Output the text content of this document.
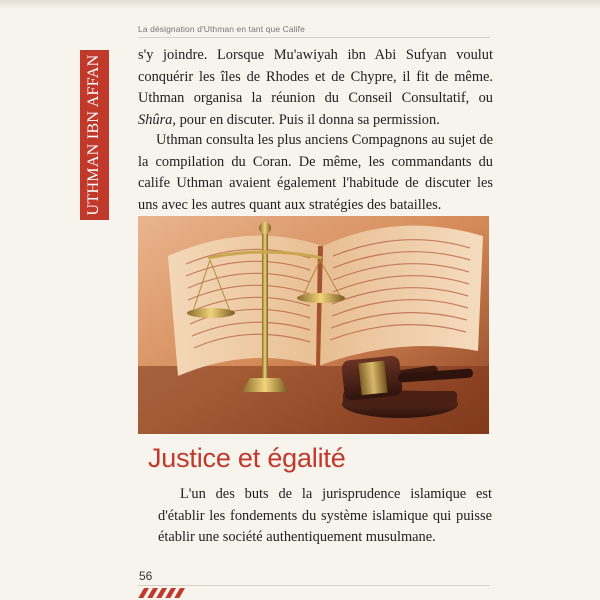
La désignation d'Uthman en tant que Calife
UTHMAN IBN AFFAN	s'y joindre. Lorsque Mu'awiyah ibn Abi Sufyan voulut conquérir les îles de Rhodes et de Chypre, il fit de même. Uthman organisa la réunion du Conseil Consultatif, ou Shûra, pour en discuter. Puis il donna sa permission.

Uthman consulta les plus anciens Compagnons au sujet de la compilation du Coran. De même, les commandants du calife Uthman avaient également l'habitude de discuter les uns avec les autres quant aux stratégies des batailles.

Justice et égalité

L'un des buts de la jurisprudence islamique est d'établir les fondements du système islamique qui puisse établir une société authentiquement musulmane.

56
